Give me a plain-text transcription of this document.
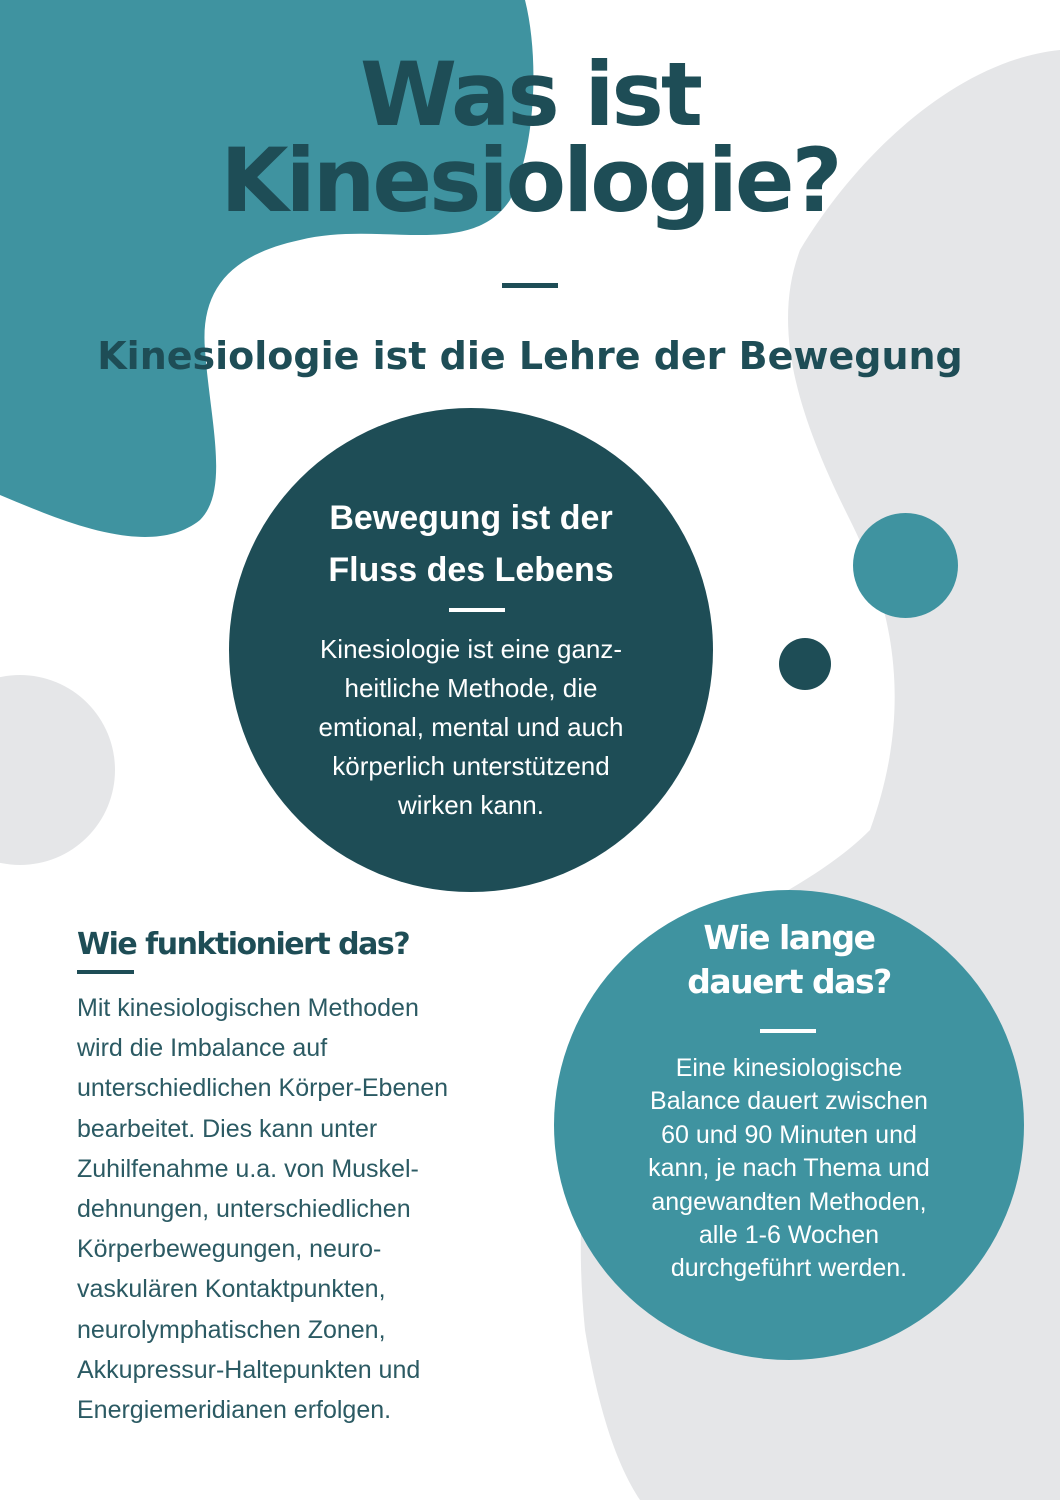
Was ist
Kinesiologie?
Kinesiologie ist die Lehre der Bewegung
Bewegung ist der
Fluss des Lebens

Kinesiologie ist eine ganz-
heitliche Methode, die
emtional, mental und auch
körperlich unterstützend
wirken kann.

Wie funktioniert das?

Mit kinesiologischen Methoden
wird die Imbalance auf
unterschiedlichen Körper-Ebenen
bearbeitet. Dies kann unter
Zuhilfenahme u.a. von Muskel-
dehnungen, unterschiedlichen
Körperbewegungen, neuro-
vaskulären Kontaktpunkten,
neurolymphatischen Zonen,
Akkupressur-Haltepunkten und
Energiemeridianen erfolgen.

Wie lange
dauert das?

Eine kinesiologische
Balance dauert zwischen
60 und 90 Minuten und
kann, je nach Thema und
angewandten Methoden,
alle 1-6 Wochen
durchgeführt werden.
